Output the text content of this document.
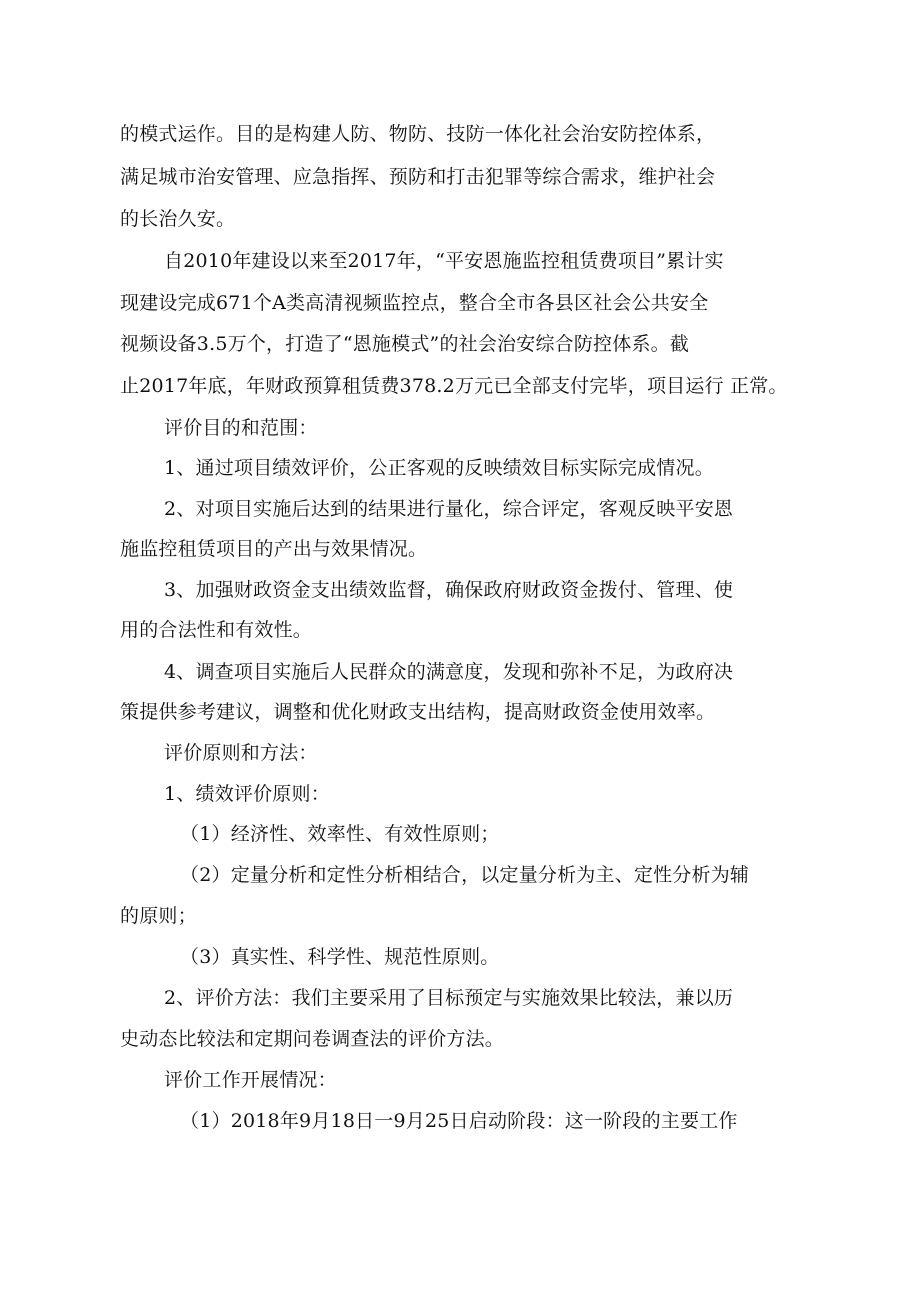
的模式运作。目的是构建人防、物防、技防一体化社会治安防控体系，
满足城市治安管理、应急指挥、预防和打击犯罪等综合需求，维护社会
的长治久安。
自2010年建设以来至2017年，“平安恩施监控租赁费项目”累计实
现建设完成671个A类高清视频监控点，整合全市各县区社会公共安全
视频设备3.5万个，打造了“恩施模式”的社会治安综合防控体系。截
止2017年底，年财政预算租赁费378.2万元已全部支付完毕，项目运行 正常。
评价目的和范围：
1、通过项目绩效评价，公正客观的反映绩效目标实际完成情况。
2、对项目实施后达到的结果进行量化，综合评定，客观反映平安恩
施监控租赁项目的产出与效果情况。
3、加强财政资金支出绩效监督，确保政府财政资金拨付、管理、使
用的合法性和有效性。
4、调查项目实施后人民群众的满意度，发现和弥补不足，为政府决
策提供参考建议，调整和优化财政支出结构，提高财政资金使用效率。
评价原则和方法：
1、绩效评价原则：
（1）经济性、效率性、有效性原则；
（2）定量分析和定性分析相结合，以定量分析为主、定性分析为辅
的原则；
（3）真实性、科学性、规范性原则。
2、评价方法：我们主要采用了目标预定与实施效果比较法，兼以历
史动态比较法和定期问卷调查法的评价方法。
评价工作开展情况：
（1）2018年9月18日一9月25日启动阶段：这一阶段的主要工作
